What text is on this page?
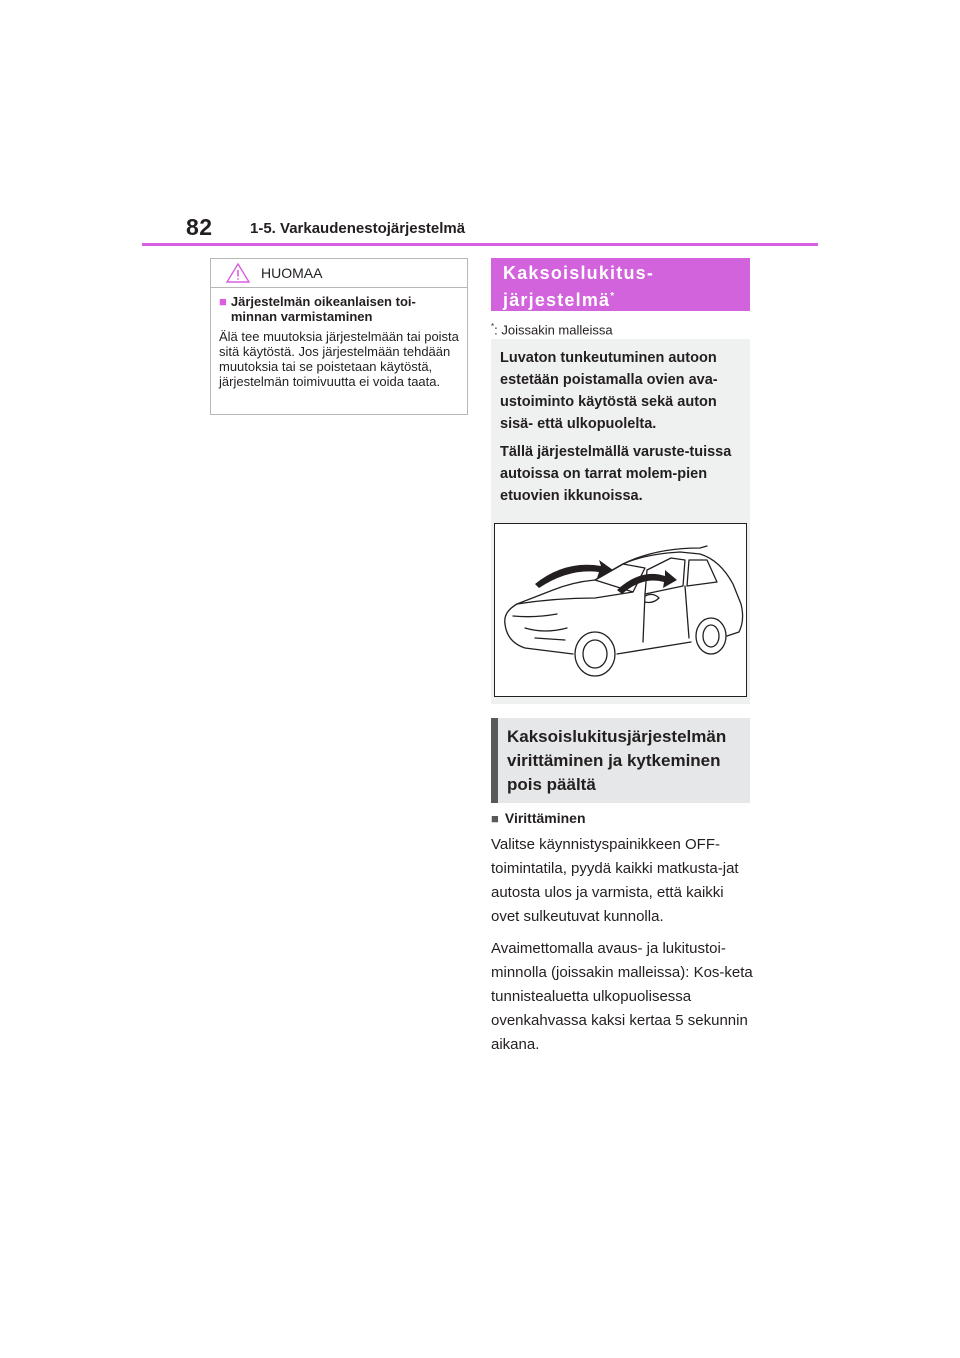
82 1-5. Varkaudenestojärjestelmä
HUOMAA
■ Järjestelmän oikeanlaisen toi-minnan varmistaminen
Älä tee muutoksia järjestelmään tai poista sitä käytöstä. Jos järjestelmään tehdään muutoksia tai se poistetaan käytöstä, järjestelmän toimivuutta ei voida taata.
Kaksoislukitus-
järjestelmä*
*: Joissakin malleissa

Luvaton tunkeutuminen autoon estetään poistamalla ovien ava-ustoiminto käytöstä sekä auton sisä- että ulkopuolelta.

Tällä järjestelmällä varuste-tuissa autoissa on tarrat molem-pien etuovien ikkunoissa.

Kaksoislukitusjärjestelmän virittäminen ja kytkeminen pois päältä
■ Virittäminen

Valitse käynnistyspainikkeen OFF-toimintatila, pyydä kaikki matkusta-jat autosta ulos ja varmista, että kaikki ovet sulkeutuvat kunnolla.

Avaimettomalla avaus- ja lukitustoi-minnolla (joissakin malleissa): Kos-keta tunnistealuetta ulkopuolisessa ovenkahvassa kaksi kertaa 5 sekunnin aikana.
